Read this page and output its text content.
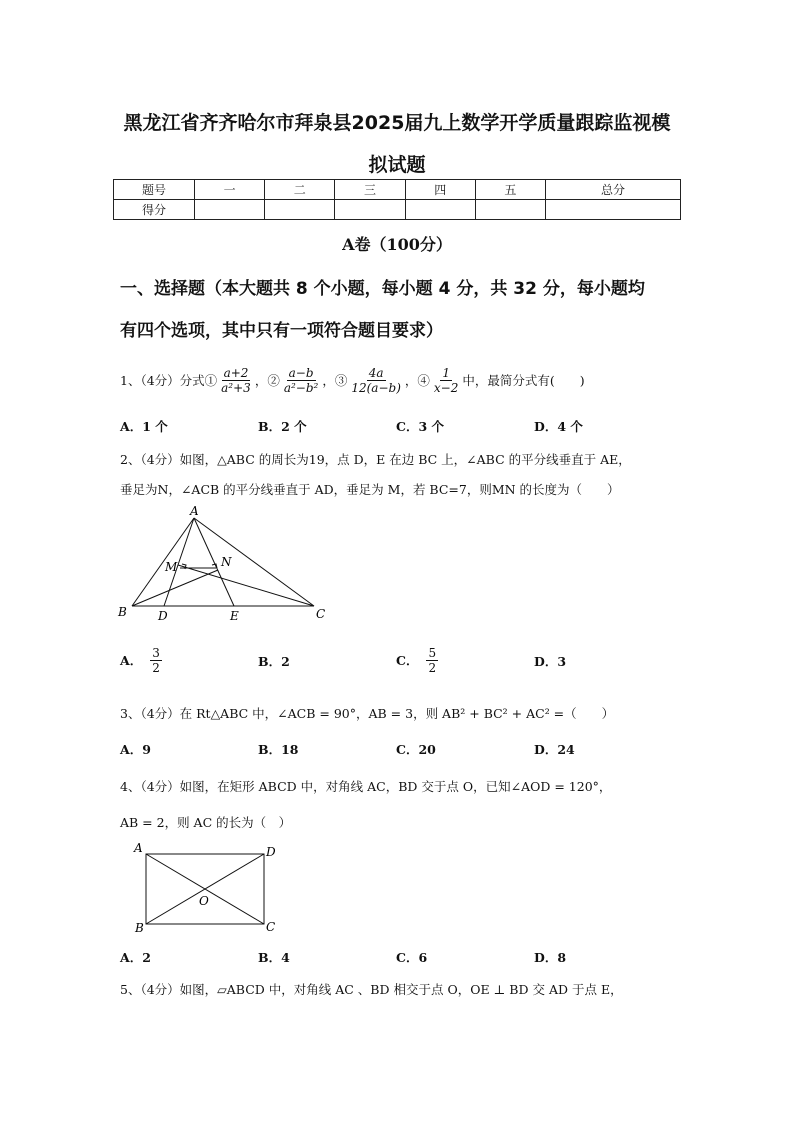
黑龙江省齐齐哈尔市拜泉县2025届九上数学开学质量跟踪监视模
拟试题
题号	一	二	三	四	五	总分
得分						
A卷（100分）
一、选择题（本大题共 8 个小题，每小题 4 分，共 32 分，每小题均
有四个选项，其中只有一项符合题目要求）
1、（4分）分式① $\frac{a+2}{\text{a²+3}}$ ，② $\frac{a-b}{\text{a²−b²}}$ ，③ $\frac{4a}{12(a-b)}$ ，④ $\frac{1}{x-2}$ 中，最简分式有(　　)
A．1 个	B．2 个	C．3 个	D．4 个
2、（4分）如图，△ABC 的周长为19，点 D，E 在边 BC 上，∠ABC 的平分线垂直于 AE，
垂足为N，∠ACB 的平分线垂直于 AD，垂足为 M，若 BC=7，则MN 的长度为（　　）
A
M	N
B	D	E	C
A． $\frac{3}{2}$	B．2	C． $\frac{5}{2}$	D．3
3、（4分）在 Rt△ABC 中，∠ACB = 90°，AB = 3，则 AB² + BC² + AC² =（　　）
A．9	B．18	C．20	D．24
4、（4分）如图，在矩形 ABCD 中，对角线 AC，BD 交于点 O，已知∠AOD = 120°，
AB = 2，则 AC 的长为（　）
A	D
O
B	C
A．2	B．4	C．6	D．8
5、（4分）如图，▱ABCD 中，对角线 AC 、BD 相交于点 O，OE ⊥ BD 交 AD 于点 E，
